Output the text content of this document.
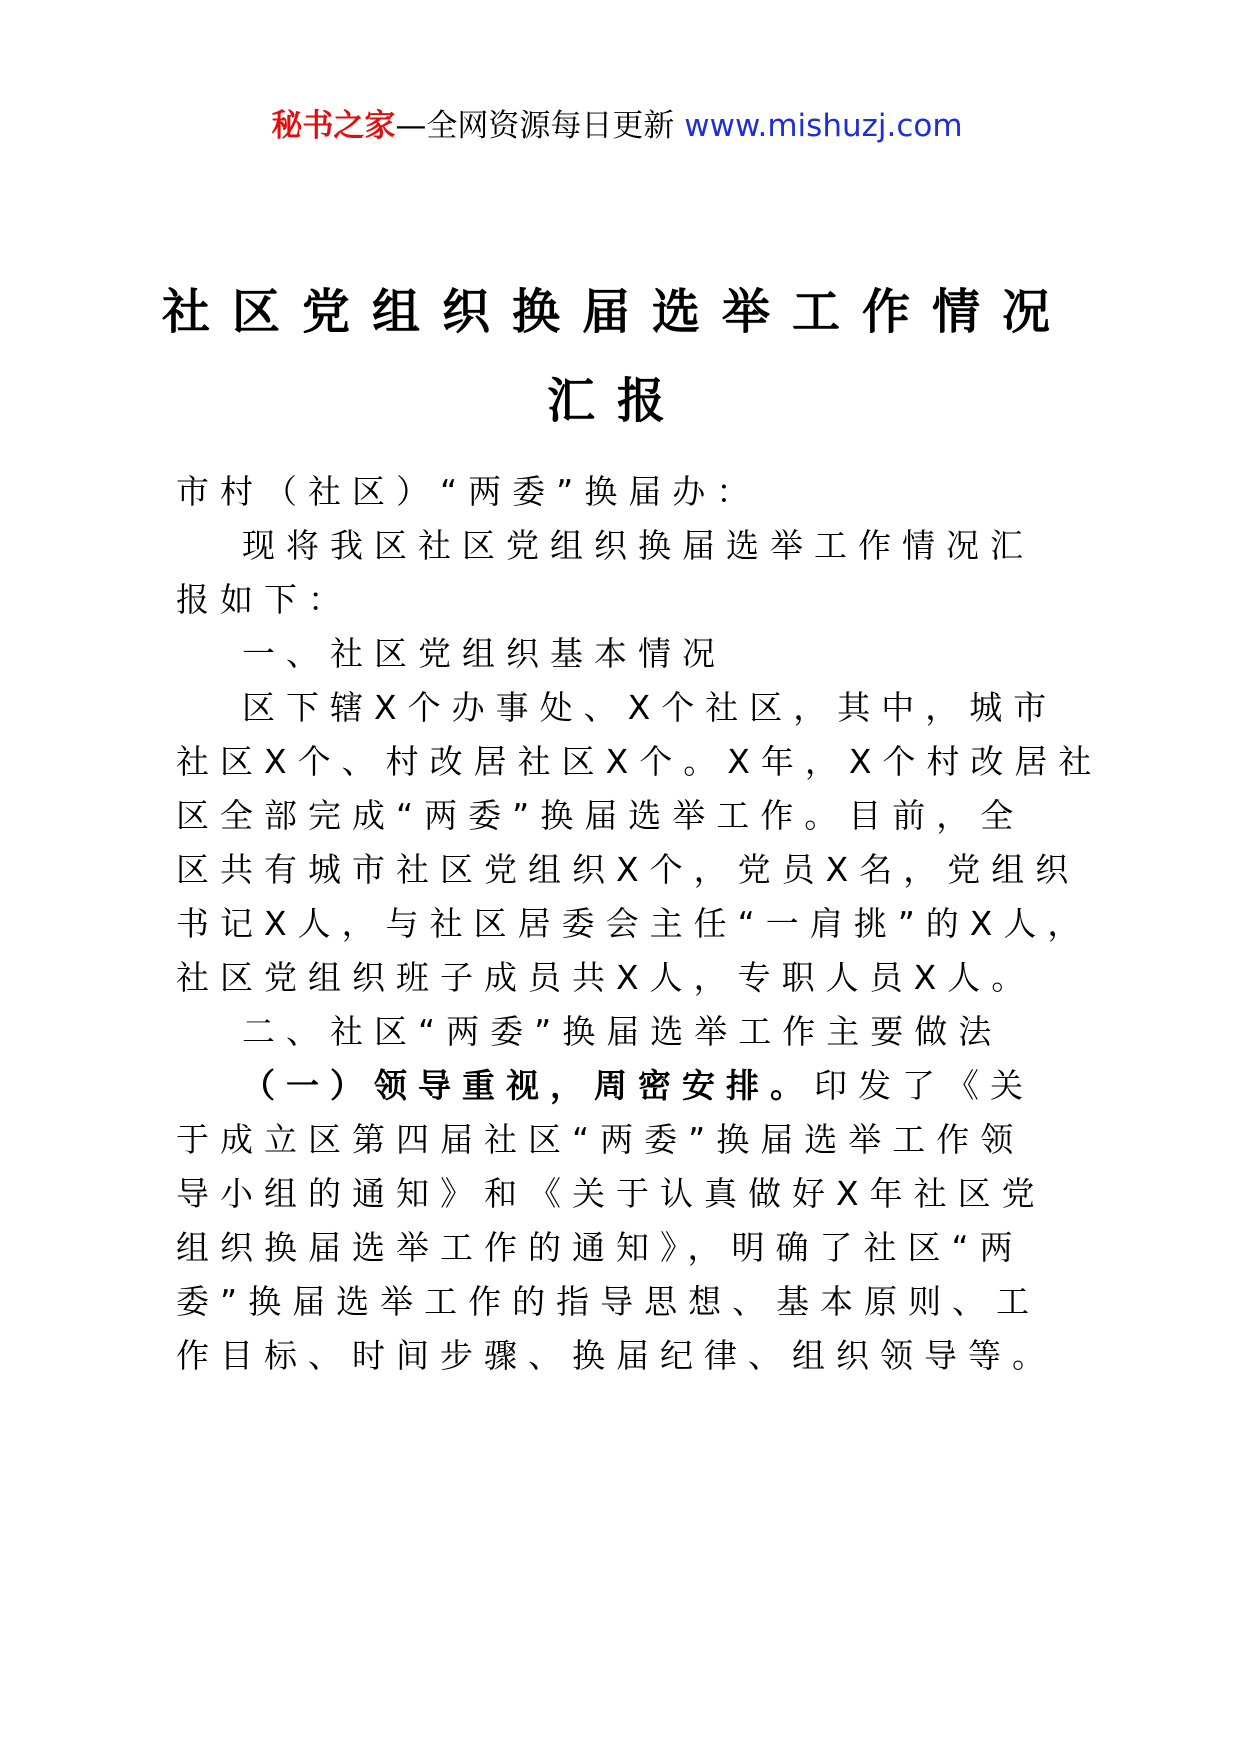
秘书之家—全网资源每日更新 www.mishuzj.com
社区党组织换届选举工作情况
汇报
市村（社区）“两委”换届办：
现将我区社区党组织换届选举工作情况汇
报如下：
一、社区党组织基本情况
区下辖X个办事处、X个社区，其中，城市
社区X个、村改居社区X个。X年，X个村改居社
区全部完成“两委”换届选举工作。目前，全
区共有城市社区党组织X个，党员X名，党组织
书记X人，与社区居委会主任“一肩挑”的X人，
社区党组织班子成员共X人，专职人员X人。
二、社区“两委”换届选举工作主要做法
（一）领导重视，周密安排。印发了《关
于成立区第四届社区“两委”换届选举工作领
导小组的通知》和《关于认真做好X年社区党
组织换届选举工作的通知》，明确了社区“两
委”换届选举工作的指导思想、基本原则、工
作目标、时间步骤、换届纪律、组织领导等。
